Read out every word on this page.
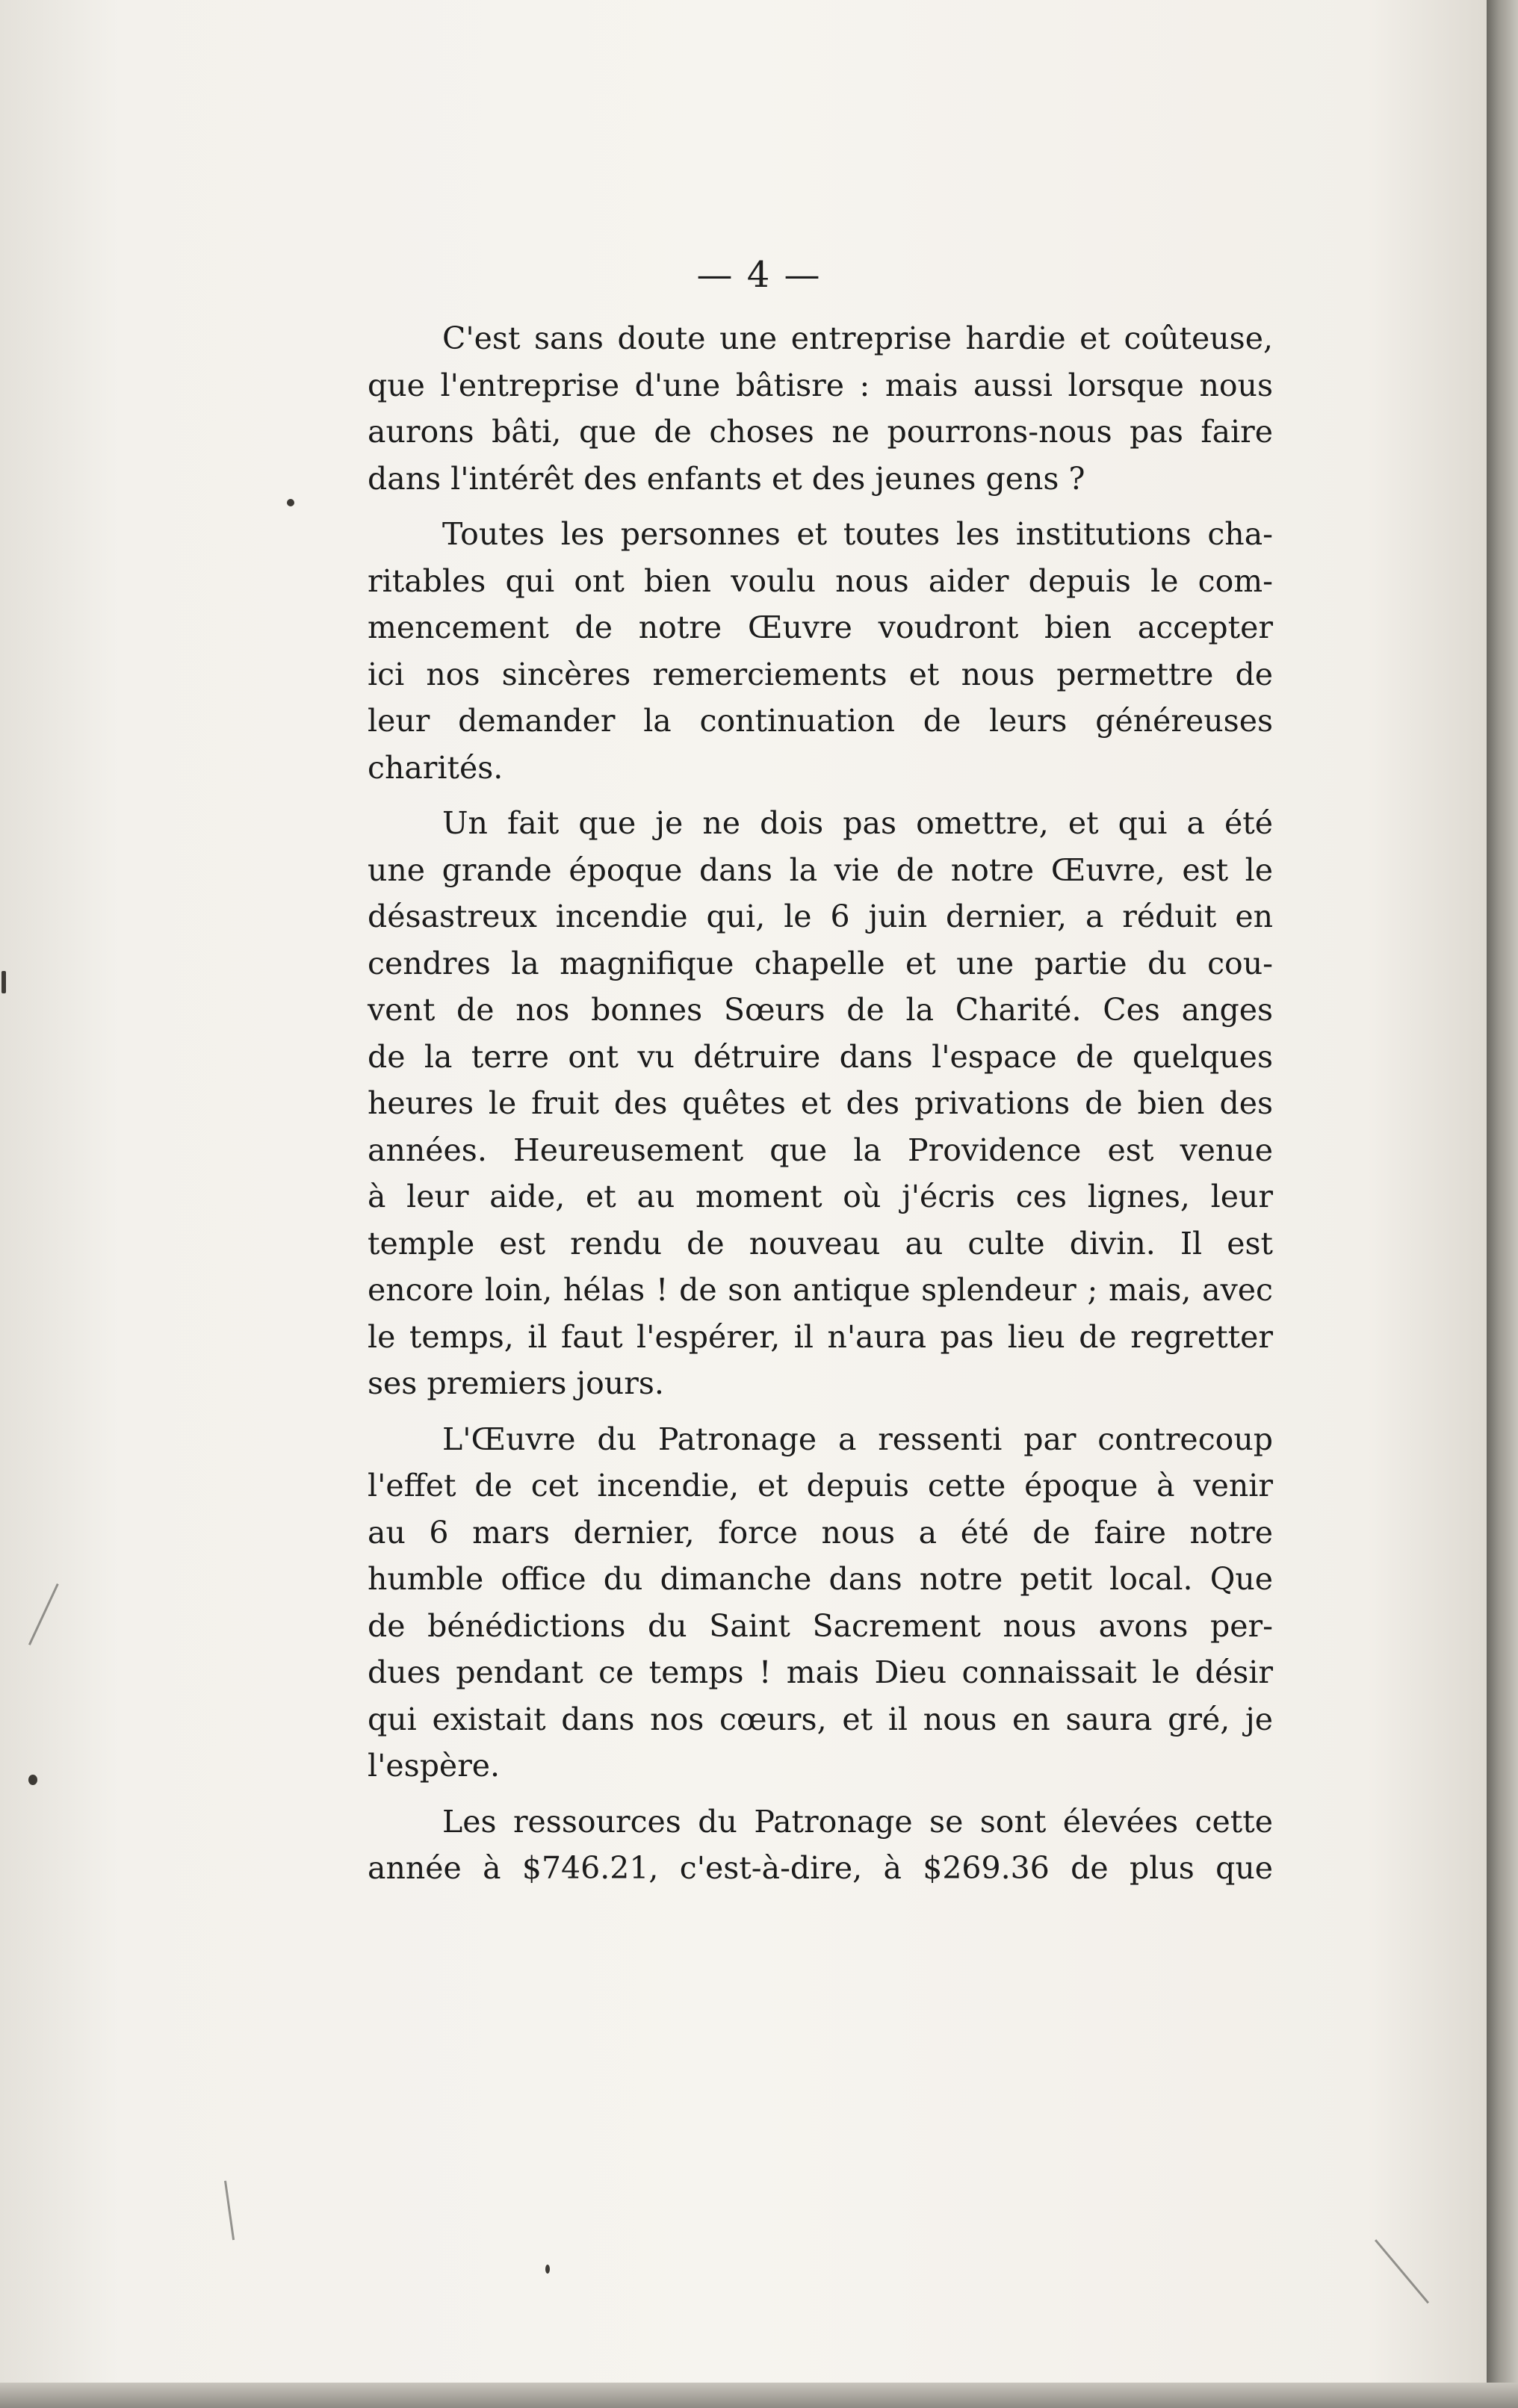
— 4 —
C'est sans doute une entreprise hardie et coûteuse,
que l'entreprise d'une bâtisre : mais aussi lorsque nous
aurons bâti, que de choses ne pourrons-nous pas faire
dans l'intérêt des enfants et des jeunes gens ?
Toutes les personnes et toutes les institutions cha-
ritables qui ont bien voulu nous aider depuis le com-
mencement de notre Œuvre voudront bien accepter
ici nos sincères remerciements et nous permettre de
leur demander la continuation de leurs généreuses
charités.
Un fait que je ne dois pas omettre, et qui a été
une grande époque dans la vie de notre Œuvre, est le
désastreux incendie qui, le 6 juin dernier, a réduit en
cendres la magnifique chapelle et une partie du cou-
vent de nos bonnes Sœurs de la Charité. Ces anges
de la terre ont vu détruire dans l'espace de quelques
heures le fruit des quêtes et des privations de bien des
années. Heureusement que la Providence est venue
à leur aide, et au moment où j'écris ces lignes, leur
temple est rendu de nouveau au culte divin. Il est
encore loin, hélas ! de son antique splendeur ; mais, avec
le temps, il faut l'espérer, il n'aura pas lieu de regretter
ses premiers jours.
L'Œuvre du Patronage a ressenti par contrecoup
l'effet de cet incendie, et depuis cette époque à venir
au 6 mars dernier, force nous a été de faire notre
humble office du dimanche dans notre petit local. Que
de bénédictions du Saint Sacrement nous avons per-
dues pendant ce temps ! mais Dieu connaissait le désir
qui existait dans nos cœurs, et il nous en saura gré, je
l'espère.
Les ressources du Patronage se sont élevées cette
année à $746.21, c'est-à-dire, à $269.36 de plus que
